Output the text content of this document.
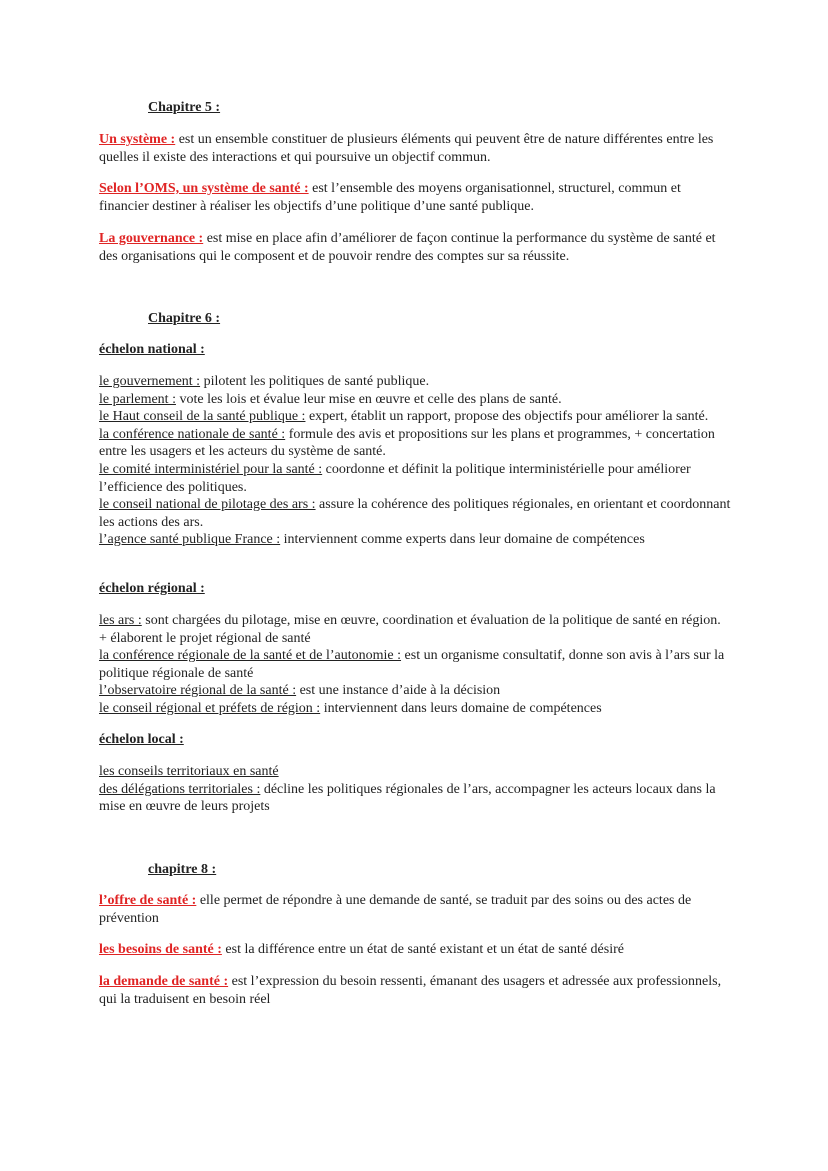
Chapitre 5 :

Un système : est un ensemble constituer de plusieurs éléments qui peuvent être de nature différentes entre les quelles il existe des interactions et qui poursuive un objectif commun.

Selon l’OMS, un système de santé : est l’ensemble des moyens organisationnel, structurel, commun et financier destiner à réaliser les objectifs d’une politique d’une santé publique.

La gouvernance : est mise en place afin d’améliorer de façon continue la performance du système de santé et des organisations qui le composent et de pouvoir rendre des comptes sur sa réussite.

Chapitre 6 :
échelon national :

le gouvernement : pilotent les politiques de santé publique.

le parlement : vote les lois et évalue leur mise en œuvre et celle des plans de santé.

le Haut conseil de la santé publique : expert, établit un rapport, propose des objectifs pour améliorer la santé.

la conférence nationale de santé : formule des avis et propositions sur les plans et programmes, + concertation entre les usagers et les acteurs du système de santé.

le comité interministériel pour la santé : coordonne et définit la politique interministérielle pour améliorer l’efficience des politiques.

le conseil national de pilotage des ars : assure la cohérence des politiques régionales, en orientant et coordonnant les actions des ars.

l’agence santé publique France : interviennent comme experts dans leur domaine de compétences

échelon régional :

les ars : sont chargées du pilotage, mise en œuvre, coordination et évaluation de la politique de santé en région. + élaborent le projet régional de santé

la conférence régionale de la santé et de l’autonomie : est un organisme consultatif, donne son avis à l’ars sur la politique régionale de santé

l’observatoire régional de la santé : est une instance d’aide à la décision

le conseil régional et préfets de région : interviennent dans leurs domaine de compétences

échelon local :

les conseils territoriaux en santé

des délégations territoriales : décline les politiques régionales de l’ars, accompagner les acteurs locaux dans la mise en œuvre de leurs projets

chapitre 8 :

l’offre de santé : elle permet de répondre à une demande de santé, se traduit par des soins ou des actes de prévention

les besoins de santé : est la différence entre un état de santé existant et un état de santé désiré

la demande de santé : est l’expression du besoin ressenti, émanant des usagers et adressée aux professionnels, qui la traduisent en besoin réel
